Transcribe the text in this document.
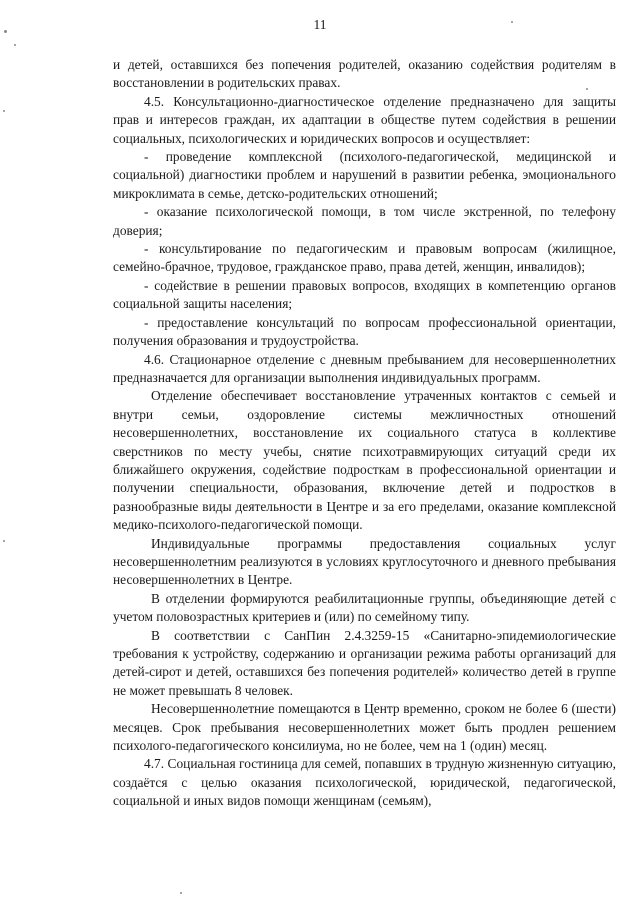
11

и детей, оставшихся без попечения родителей, оказанию содействия родителям в восстановлении в родительских правах.

4.5. Консультационно-диагностическое отделение предназначено для защиты прав и интересов граждан, их адаптации в обществе путем содействия в решении социальных, психологических и юридических вопросов и осуществляет:

- проведение комплексной (психолого-педагогической, медицинской и социальной) диагностики проблем и нарушений в развитии ребенка, эмоционального микроклимата в семье, детско-родительских отношений;

- оказание психологической помощи, в том числе экстренной, по телефону доверия;

- консультирование по педагогическим и правовым вопросам (жилищное, семейно-брачное, трудовое, гражданское право, права детей, женщин, инвалидов);

- содействие в решении правовых вопросов, входящих в компетенцию органов социальной защиты населения;

- предоставление консультаций по вопросам профессиональной ориентации, получения образования и трудоустройства.

4.6. Стационарное отделение с дневным пребыванием для несовершеннолетних предназначается для организации выполнения индивидуальных программ.

Отделение обеспечивает восстановление утраченных контактов с семьей и внутри семьи, оздоровление системы межличностных отношений несовершеннолетних, восстановление их социального статуса в коллективе сверстников по месту учебы, снятие психотравмирующих ситуаций среди их ближайшего окружения, содействие подросткам в профессиональной ориентации и получении специальности, образования, включение детей и подростков в разнообразные виды деятельности в Центре и за его пределами, оказание комплексной медико-психолого-педагогической помощи.

Индивидуальные программы предоставления социальных услуг несовершеннолетним реализуются в условиях круглосуточного и дневного пребывания несовершеннолетних в Центре.

В отделении формируются реабилитационные группы, объединяющие детей с учетом половозрастных критериев и (или) по семейному типу.

В соответствии с СанПин 2.4.3259-15 «Санитарно-эпидемиологические требования к устройству, содержанию и организации режима работы организаций для детей-сирот и детей, оставшихся без попечения родителей» количество детей в группе не может превышать 8 человек.

Несовершеннолетние помещаются в Центр временно, сроком не более 6 (шести) месяцев. Срок пребывания несовершеннолетних может быть продлен решением психолого-педагогического консилиума, но не более, чем на 1 (один) месяц.

4.7. Социальная гостиница для семей, попавших в трудную жизненную ситуацию, создаётся с целью оказания психологической, юридической, педагогической, социальной и иных видов помощи женщинам (семьям),
